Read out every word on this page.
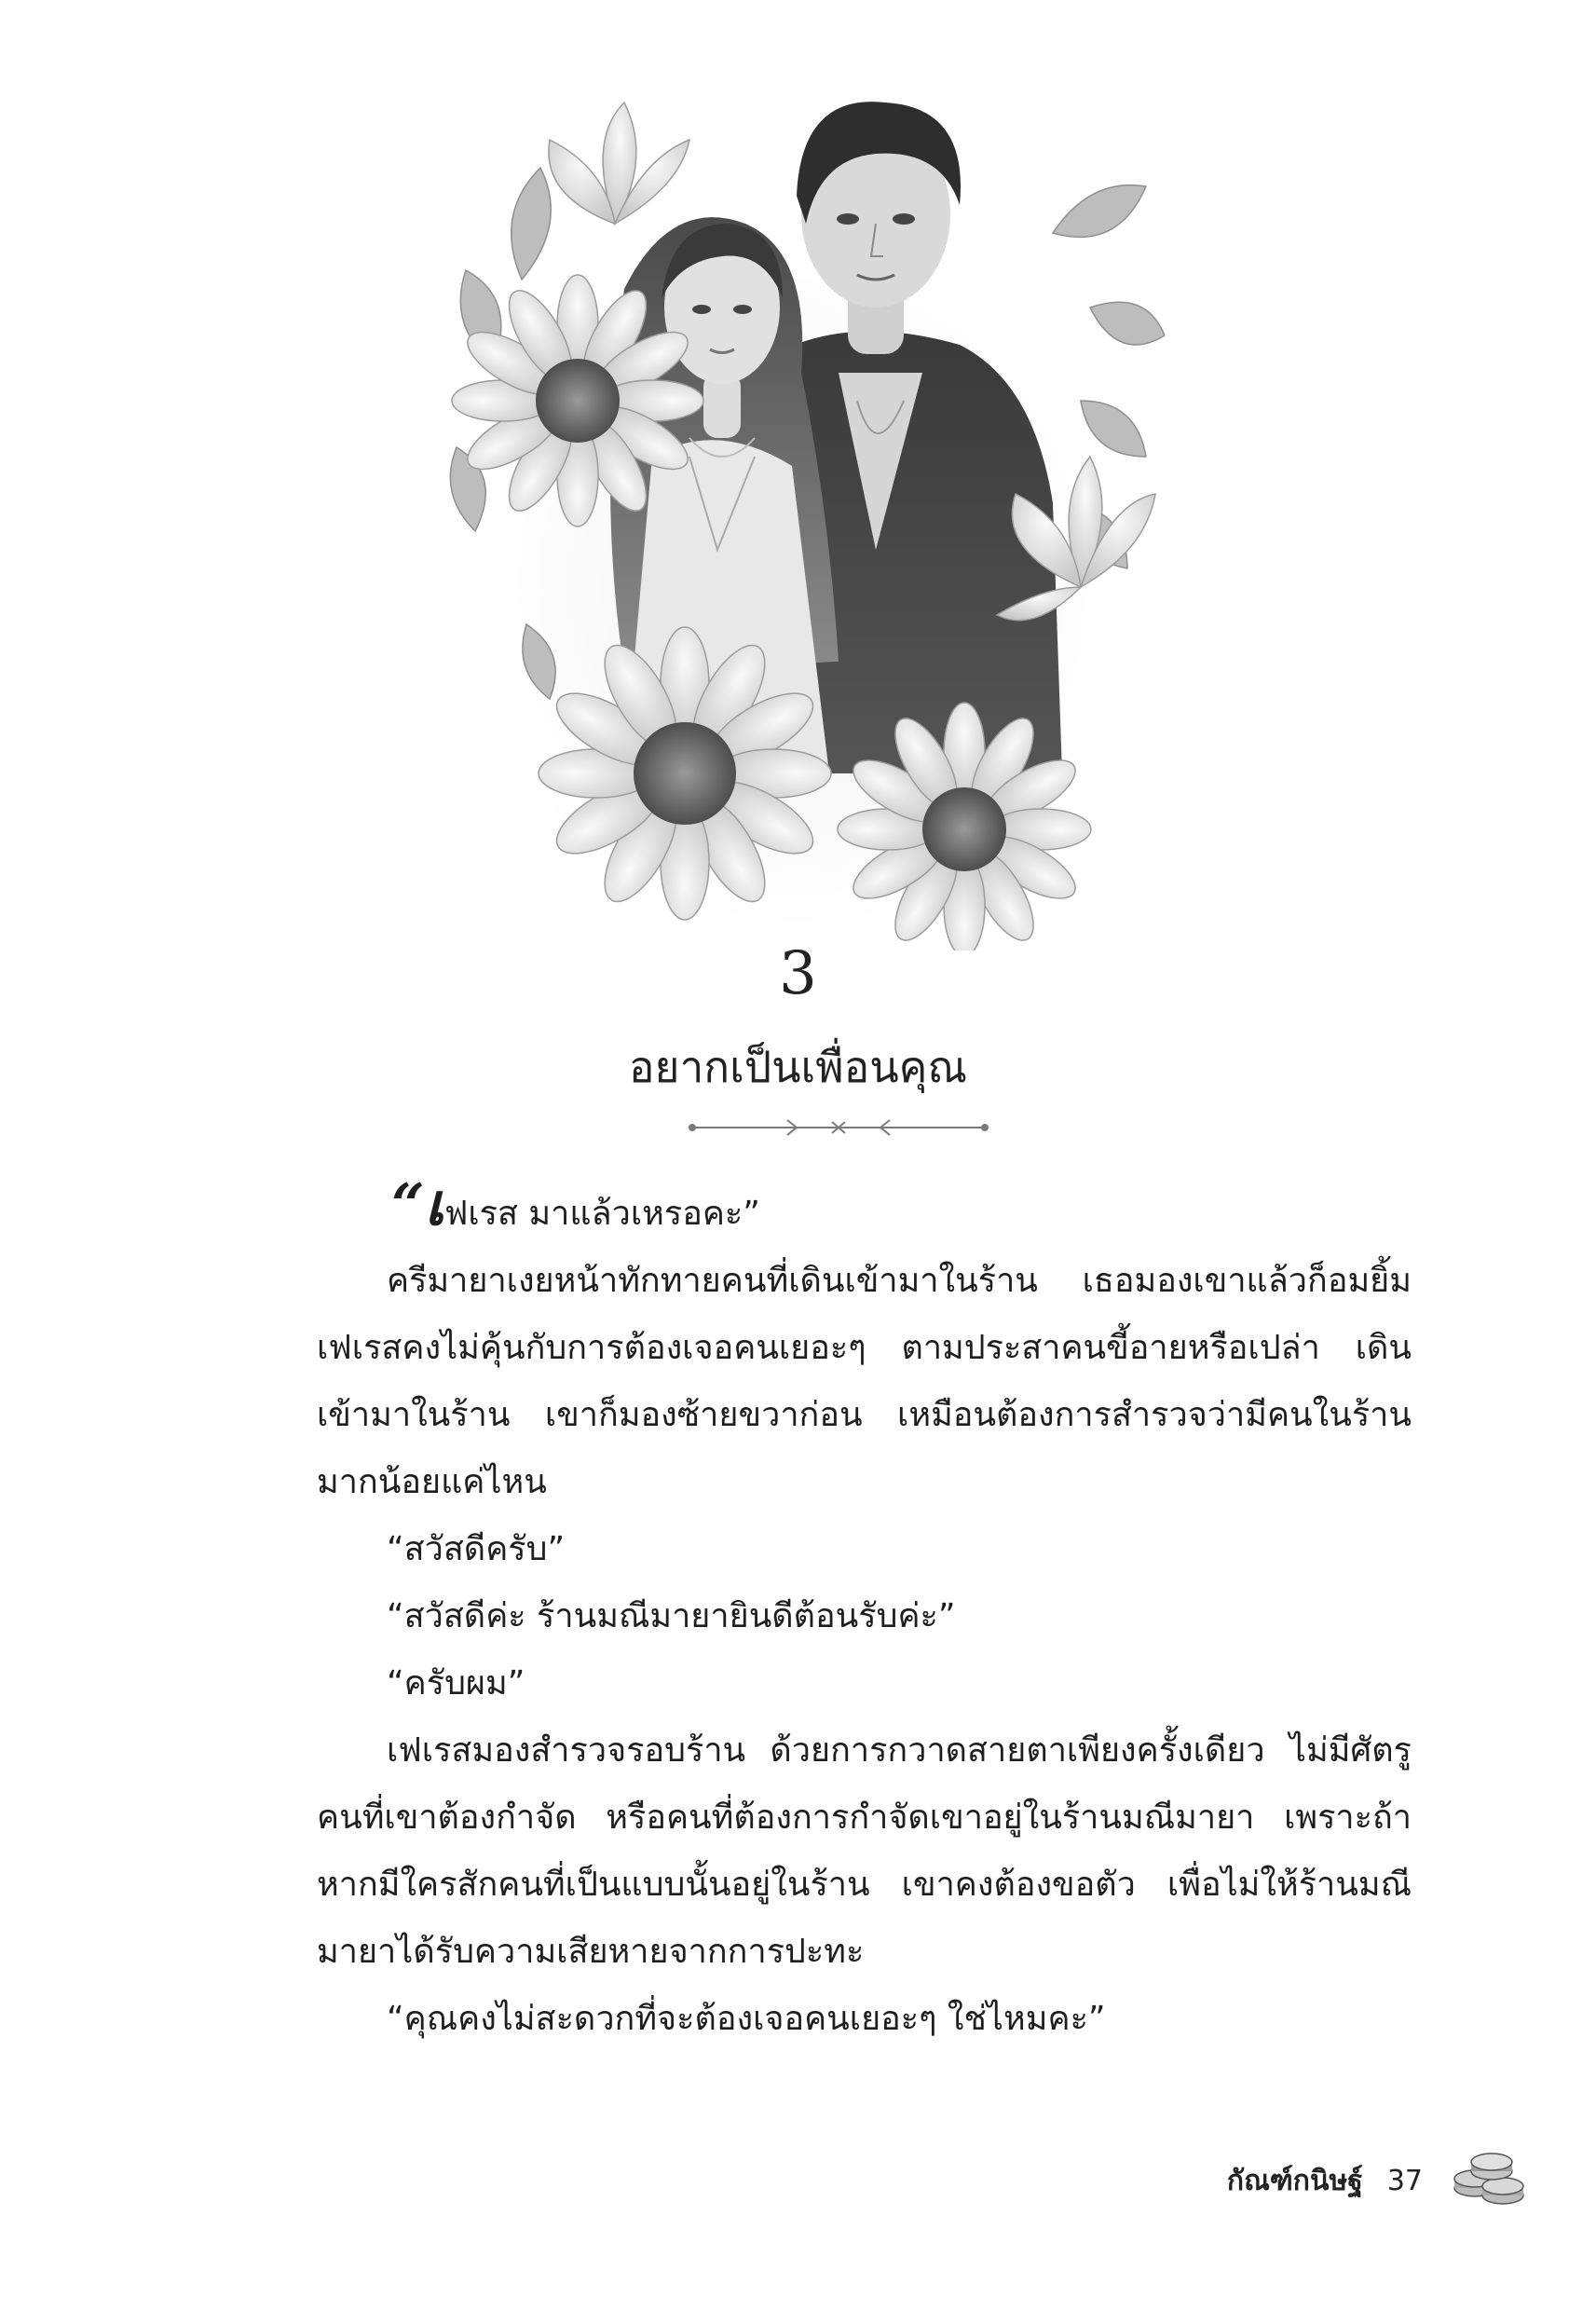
3
อยากเป็นเพื่อนคุณ

“เฟเรส มาแล้วเหรอคะ”

ครีมายาเงยหน้าทักทายคนที่เดินเข้ามาในร้าน เธอมองเขาแล้วก็อมยิ้ม เฟเรสคงไม่คุ้นกับการต้องเจอคนเยอะๆ ตามประสาคนขี้อายหรือเปล่า เดินเข้ามาในร้าน เขาก็มองซ้ายขวาก่อน เหมือนต้องการสำรวจว่ามีคนในร้านมากน้อยแค่ไหน

“สวัสดีครับ”

“สวัสดีค่ะ ร้านมณีมายายินดีต้อนรับค่ะ”

“ครับผม”

เฟเรสมองสำรวจรอบร้าน ด้วยการกวาดสายตาเพียงครั้งเดียว ไม่มีศัตรู คนที่เขาต้องกำจัด หรือคนที่ต้องการกำจัดเขาอยู่ในร้านมณีมายา เพราะถ้าหากมีใครสักคนที่เป็นแบบนั้นอยู่ในร้าน เขาคงต้องขอตัว เพื่อไม่ให้ร้านมณีมายาได้รับความเสียหายจากการปะทะ

“คุณคงไม่สะดวกที่จะต้องเจอคนเยอะๆ ใช่ไหมคะ”

กัณฑ์กนิษฐ์ 37
